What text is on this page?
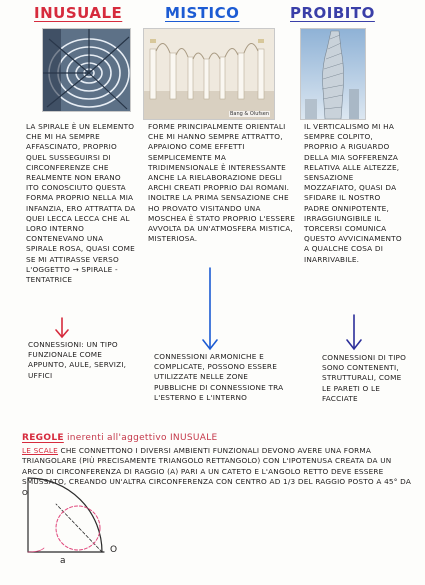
INUSUALE	MISTICO	PROIBITO
Bang & Olufsen
LA SPIRALE È UN ELEMENTO CHE MI HA SEMPRE AFFASCINATO, PROPRIO QUEL SUSSEGUIRSI DI CIRCONFERENZE CHE REALMENTE NON ERANO ITO CONOSCIUTO QUESTA FORMA PROPRIO NELLA MIA INFANZIA, ERO ATTRATTA DA QUEI LECCA LECCA CHE AL LORO INTERNO CONTENEVANO UNA SPIRALE ROSA, QUASI COME SE MI ATTIRASSE VERSO L'OGGETTO → SPIRALE - TENTATRICE
FORME PRINCIPALMENTE ORIENTALI CHE MI HANNO SEMPRE ATTRATTO, APPAIONO COME EFFETTI SEMPLICEMENTE MA TRIDIMENSIONALE È INTERESSANTE ANCHE LA RIELABORAZIONE DEGLI ARCHI CREATI PROPRIO DAI ROMANI. INOLTRE LA PRIMA SENSAZIONE CHE HO PROVATO VISITANDO UNA MOSCHEA È STATO PROPRIO L'ESSERE AVVOLTA DA UN'ATMOSFERA MISTICA, MISTERIOSA.
IL VERTICALISMO MI HA SEMPRE COLPITO, PROPRIO A RIGUARDO DELLA MIA SOFFERENZA RELATIVA ALLE ALTEZZE, SENSAZIONE MOZZAFIATO, QUASI DA SFIDARE IL NOSTRO PADRE ONNIPOTENTE, IRRAGGIUNGIBILE IL TORCERSI COMUNICA QUESTO AVVICINAMENTO A QUALCHE COSA DI INARRIVABILE.
CONNESSIONI: UN TIPO FUNZIONALE COME APPUNTO, AULE, SERVIZI, UFFICI
CONNESSIONI ARMONICHE E COMPLICATE, POSSONO ESSERE UTILIZZATE NELLE ZONE PUBBLICHE DI CONNESSIONE TRA L'ESTERNO E L'INTERNO
CONNESSIONI DI TIPO SONO CONTENENTI, STRUTTURALI, COME LE PARETI O LE FACCIATE
REGOLE inerenti all'aggettivo INUSUALE
LE SCALE CHE CONNETTONO I DIVERSI AMBIENTI FUNZIONALI DEVONO AVERE UNA FORMA TRIANGOLARE (PIÙ PRECISAMENTE TRIANGOLO RETTANGOLO) CON L'IPOTENUSA CREATA DA UN ARCO DI CIRCONFERENZA DI RAGGIO (A) PARI A UN CATETO E L'ANGOLO RETTO DEVE ESSERE SMUSSATO, CREANDO UN'ALTRA CIRCONFERENZA CON CENTRO AD 1/3 DEL RAGGIO POSTO A 45° DA O
a
O
